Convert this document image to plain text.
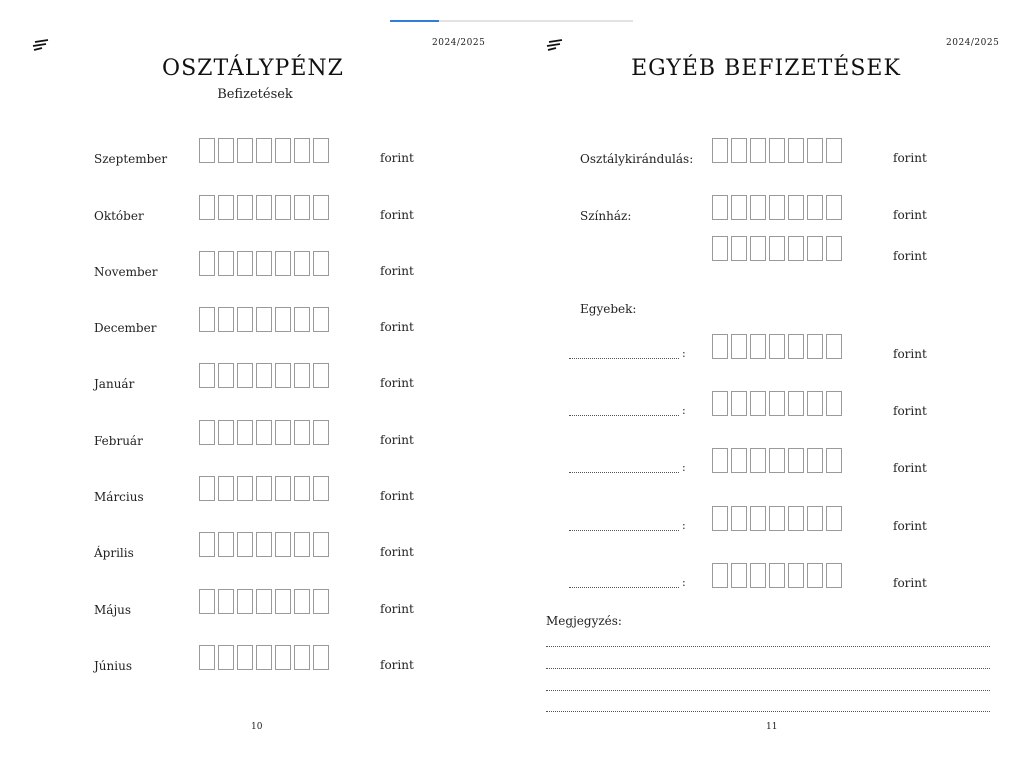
2024/2025
OSZTÁLYPÉNZ
Befizetések
Szeptember	forint
Október	forint
November	forint
December	forint
Január	forint
Február	forint
Március	forint
Április	forint
Május	forint
Június	forint
10
2024/2025
EGYÉB BEFIZETÉSEK
Osztálykirándulás:	forint
Színház:	forint
forint
Egyebek:
:	forint
:	forint
:	forint
:	forint
:	forint
Megjegyzés:
11
